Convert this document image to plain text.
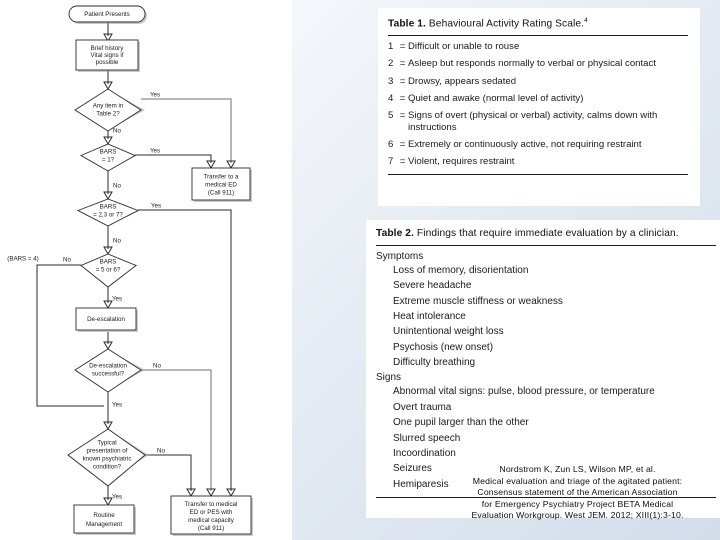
Yes
No
Yes
No
Yes
No
No
(BARS = 4)
Yes
No
Yes
No
Yes
Patient Presents
Brief history
Vital signs if
possible
Any item in
Table 2?
BARS
= 1?
Transfer to a
medical ED
(Call 911)
BARS
= 2,3 or 7?
BARS
= 5 or 6?
De-escalation
De-escalation
successful?
Typical
presentation of
known psychiatric
condition?
Routine
Management
Transfer to medical
ED or PES with
medical capacity
(Call 911)

Table 1. Behavioural Activity Rating Scale.$^4$

1 = Difficult or unable to rouse
2 = Asleep but responds normally to verbal or physical contact
3 = Drowsy, appears sedated
4 = Quiet and awake (normal level of activity)
5 = Signs of overt (physical or verbal) activity, calms down with instructions
6 = Extremely or continuously active, not requiring restraint
7 = Violent, requires restraint

Table 2. Findings that require immediate evaluation by a clinician.

Symptoms
Loss of memory, disorientation
Severe headache
Extreme muscle stiffness or weakness
Heat intolerance
Unintentional weight loss
Psychosis (new onset)
Difficulty breathing
Signs
Abnormal vital signs: pulse, blood pressure, or temperature
Overt trauma
One pupil larger than the other
Slurred speech
Incoordination
Seizures
Hemiparesis
Nordstrom K, Zun LS, Wilson MP, et al.
Medical evaluation and triage of the agitated patient:
Consensus statement of the American Association
for Emergency Psychiatry Project BETA Medical
Evaluation Workgroup. West JEM. 2012; XIII(1):3-10.
